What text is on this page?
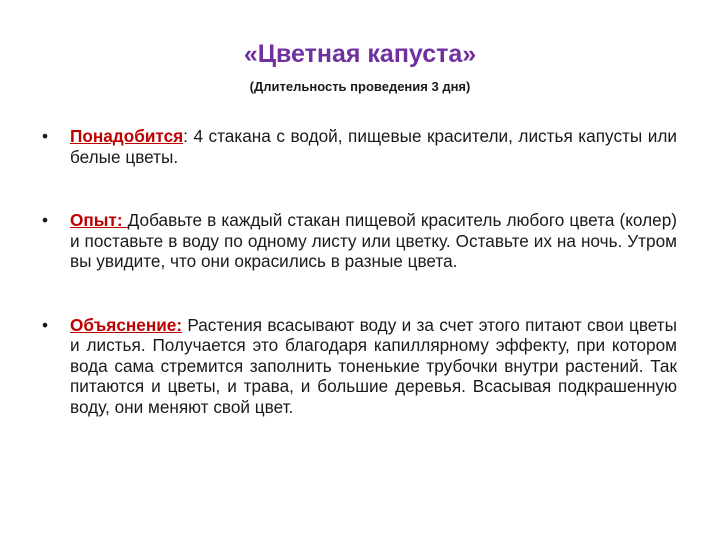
«Цветная капуста»

(Длительность проведения 3 дня)

• Понадобится: 4 стакана с водой, пищевые красители, листья капусты или белые цветы.
• Опыт: Добавьте в каждый стакан пищевой краситель любого цвета (колер) и поставьте в воду по одному листу или цветку. Оставьте их на ночь. Утром вы увидите, что они окрасились в разные цвета.
• Объяснение: Растения всасывают воду и за счет этого питают свои цветы и листья. Получается это благодаря капиллярному эффекту, при котором вода сама стремится заполнить тоненькие трубочки внутри растений. Так питаются и цветы, и трава, и большие деревья. Всасывая подкрашенную воду, они меняют свой цвет.
